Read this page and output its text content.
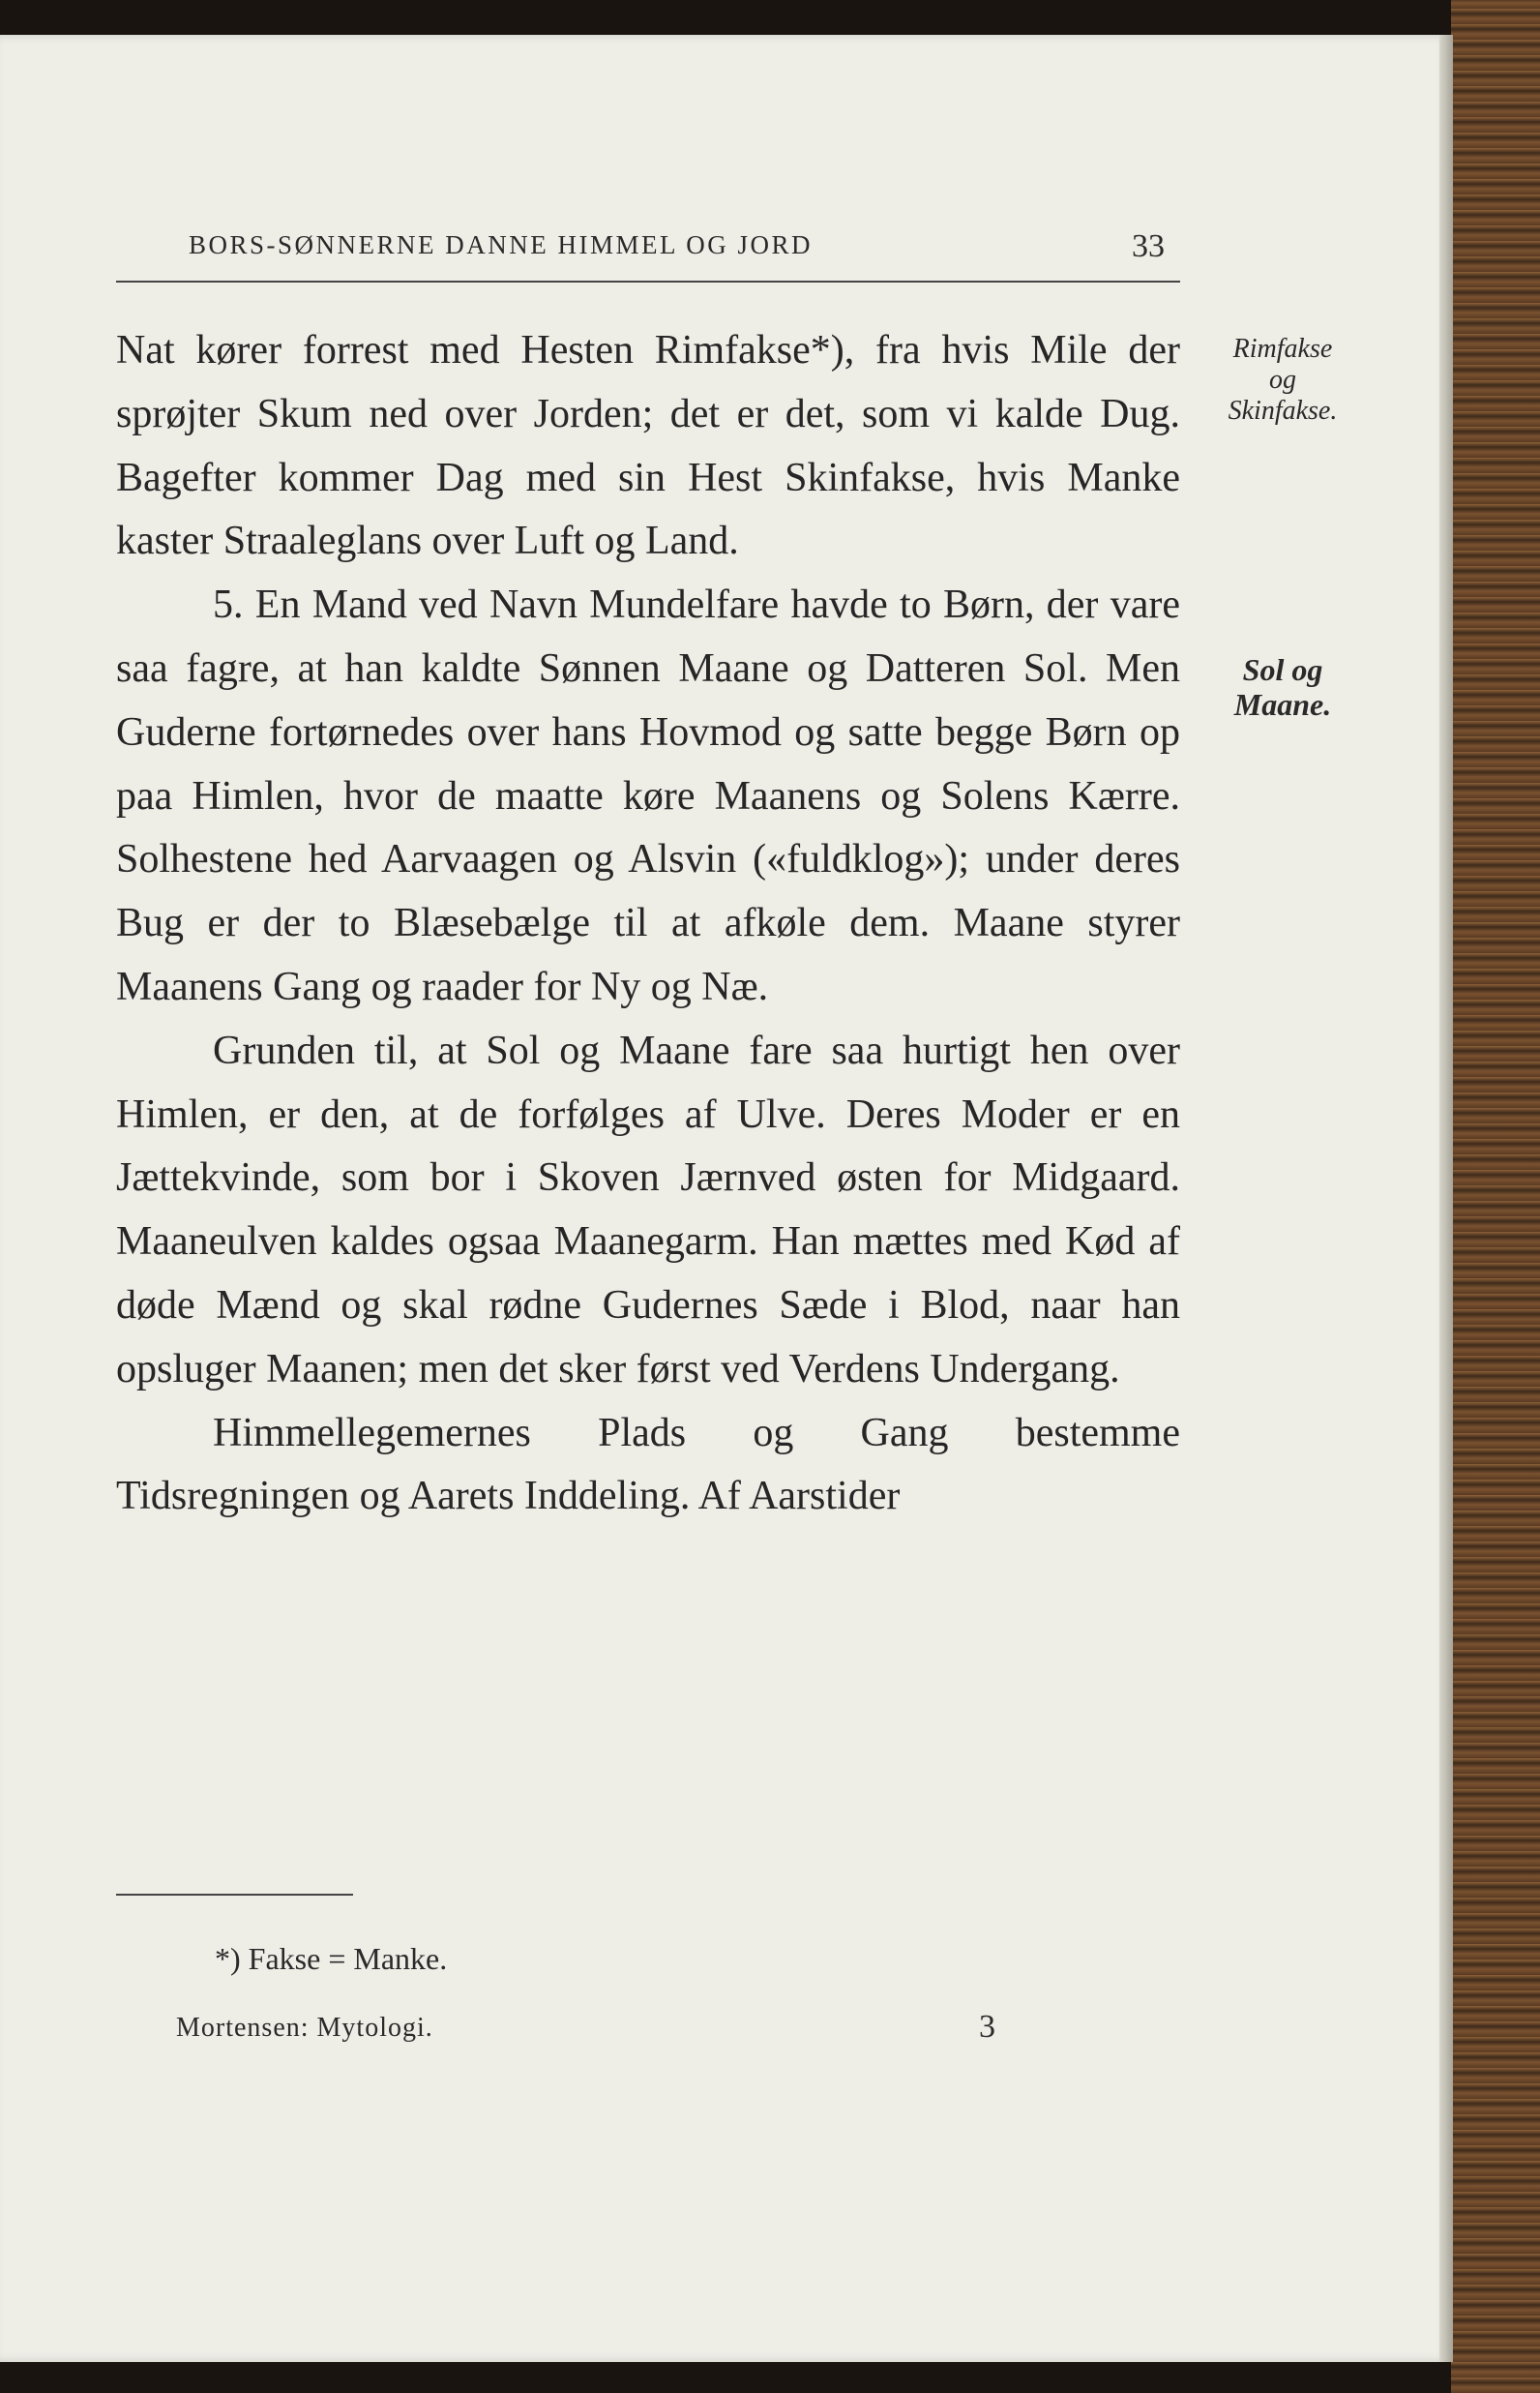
BORS-SØNNERNE DANNE HIMMEL OG JORD	33

Nat kører forrest med Hesten Rimfakse*), fra hvis Mile der sprøjter Skum ned over Jorden; det er det, som vi kalde Dug. Bagefter kommer Dag med sin Hest Skinfakse, hvis Manke kaster Straaleglans over Luft og Land.

5. En Mand ved Navn Mundelfare havde to Børn, der vare saa fagre, at han kaldte Sønnen Maane og Datteren Sol. Men Guderne fortørnedes over hans Hovmod og satte begge Børn op paa Himlen, hvor de maatte køre Maanens og Solens Kærre. Solhestene hed Aarvaagen og Alsvin («fuldklog»); under deres Bug er der to Blæsebælge til at afkøle dem. Maane styrer Maanens Gang og raader for Ny og Næ.

Grunden til, at Sol og Maane fare saa hurtigt hen over Himlen, er den, at de forfølges af Ulve. Deres Moder er en Jættekvinde, som bor i Skoven Jærnved østen for Midgaard. Maaneulven kaldes ogsaa Maanegarm. Han mættes med Kød af døde Mænd og skal rødne Gudernes Sæde i Blod, naar han opsluger Maanen; men det sker først ved Verdens Undergang.

Himmellegemernes Plads og Gang bestemme Tidsregningen og Aarets Inddeling. Af Aarstider

Rimfakse
og
Skinfakse.
Sol og
Maane.
*) Fakse = Manke.
Mortensen: Mytologi.	3
